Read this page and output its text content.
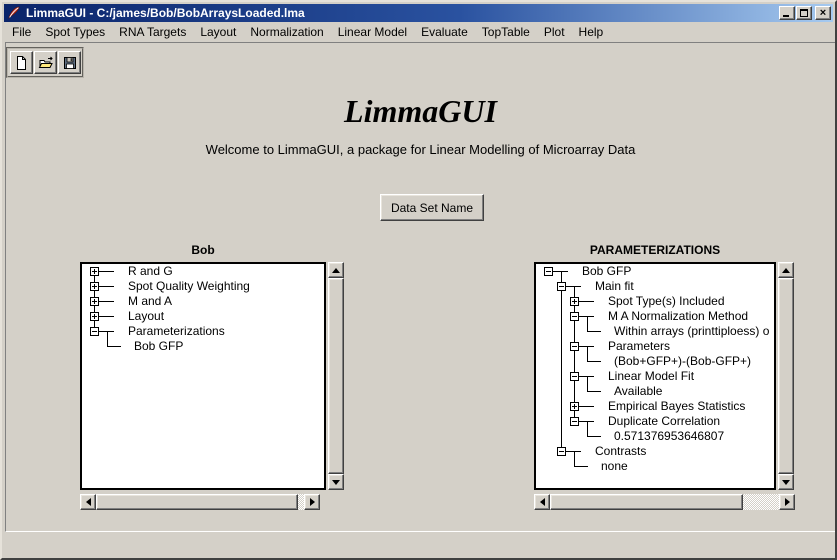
LimmaGUI - C:/james/Bob/BobArraysLoaded.lma	×
File	Spot Types	RNA Targets	Layout	Normalization	Linear Model	Evaluate	TopTable	Plot	Help
LimmaGUI
Welcome to LimmaGUI, a package for Linear Modelling of Microarray Data
Data Set Name
Bob
R and G
Spot Quality Weighting
M and A
Layout
Parameterizations
Bob GFP
PARAMETERIZATIONS
Bob GFP
Main fit
Spot Type(s) Included
M A Normalization Method
Within arrays (printtiploess) o
Parameters
(Bob+GFP+)-(Bob-GFP+)
Linear Model Fit
Available
Empirical Bayes Statistics
Duplicate Correlation
0.571376953646807
Contrasts
none
